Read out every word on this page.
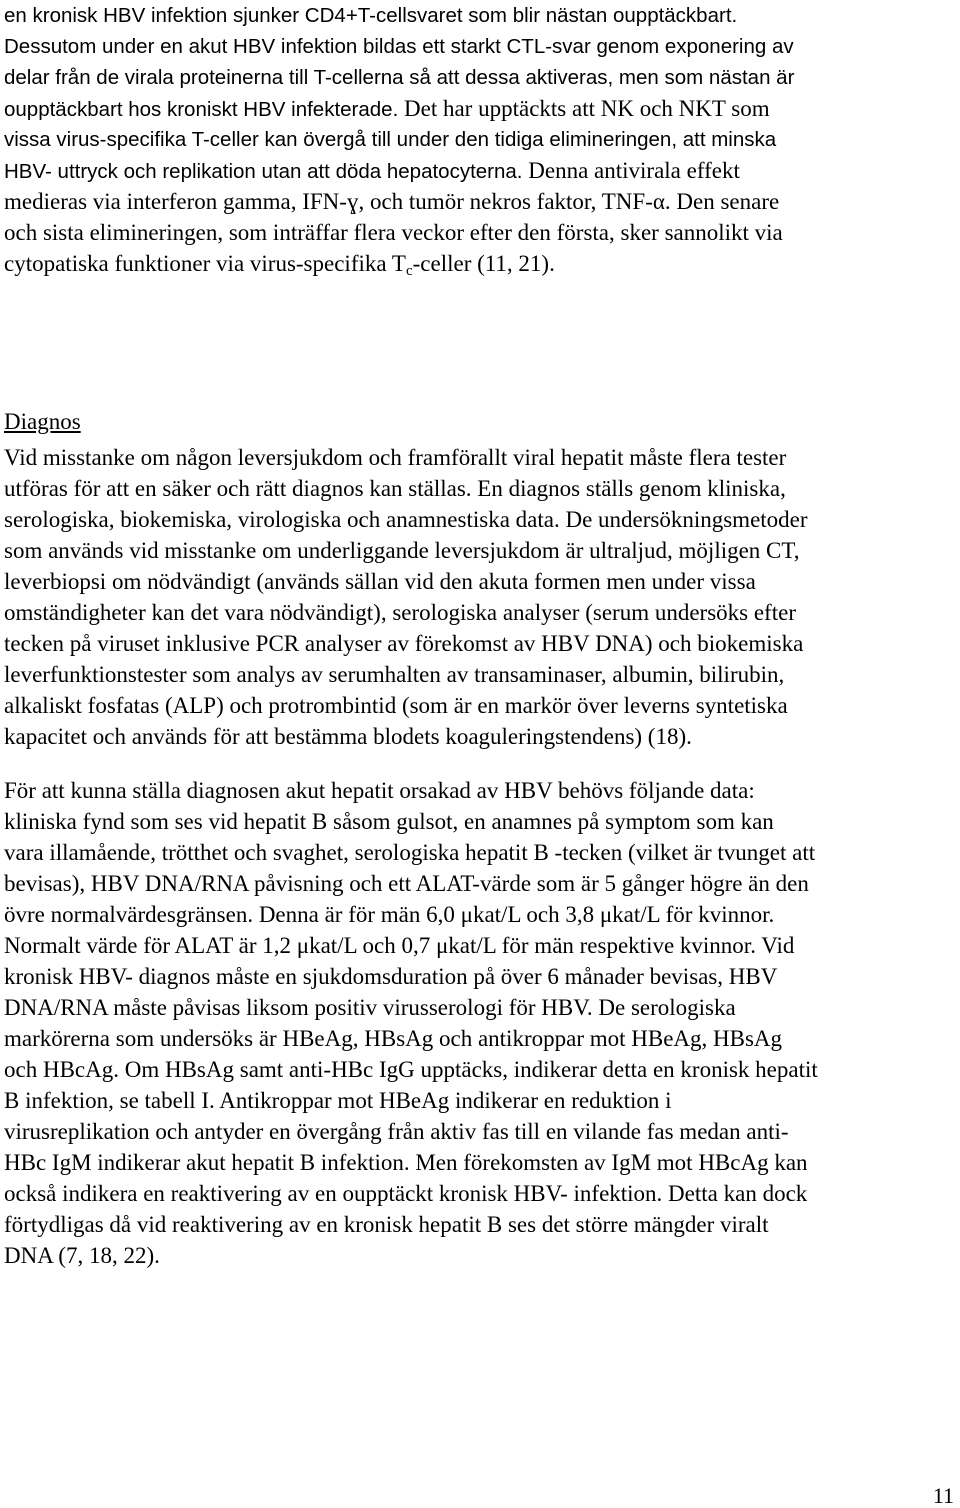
en kronisk HBV infektion sjunker CD4+T-cellsvaret som blir nästan oupptäckbart.
Dessutom under en akut HBV infektion bildas ett starkt CTL-svar genom exponering av
delar från de virala proteinerna till T-cellerna så att dessa aktiveras, men som nästan är
oupptäckbart hos kroniskt HBV infekterade. Det har upptäckts att NK och NKT som
vissa virus-specifika T-celler kan övergå till under den tidiga elimineringen, att minska
HBV- uttryck och replikation utan att döda hepatocyterna. Denna antivirala effekt
medieras via interferon gamma, IFN-ɣ, och tumör nekros faktor, TNF-α. Den senare
och sista elimineringen, som inträffar flera veckor efter den första, sker sannolikt via
cytopatiska funktioner via virus-specifika $T_c$-celler (11, 21).
Diagnos
Vid misstanke om någon leversjukdom och framförallt viral hepatit måste flera tester
utföras för att en säker och rätt diagnos kan ställas. En diagnos ställs genom kliniska,
serologiska, biokemiska, virologiska och anamnestiska data. De undersökningsmetoder
som används vid misstanke om underliggande leversjukdom är ultraljud, möjligen CT,
leverbiopsi om nödvändigt (används sällan vid den akuta formen men under vissa
omständigheter kan det vara nödvändigt), serologiska analyser (serum undersöks efter
tecken på viruset inklusive PCR analyser av förekomst av HBV DNA) och biokemiska
leverfunktionstester som analys av serumhalten av transaminaser, albumin, bilirubin,
alkaliskt fosfatas (ALP) och protrombintid (som är en markör över leverns syntetiska
kapacitet och används för att bestämma blodets koaguleringstendens) (18).
För att kunna ställa diagnosen akut hepatit orsakad av HBV behövs följande data:
kliniska fynd som ses vid hepatit B såsom gulsot, en anamnes på symptom som kan
vara illamående, trötthet och svaghet, serologiska hepatit B -tecken (vilket är tvunget att
bevisas), HBV DNA/RNA påvisning och ett ALAT-värde som är 5 gånger högre än den
övre normalvärdesgränsen. Denna är för män 6,0 μkat/L och 3,8 μkat/L för kvinnor.
Normalt värde för ALAT är 1,2 μkat/L och 0,7 μkat/L för män respektive kvinnor. Vid
kronisk HBV- diagnos måste en sjukdomsduration på över 6 månader bevisas, HBV
DNA/RNA måste påvisas liksom positiv virusserologi för HBV. De serologiska
markörerna som undersöks är HBeAg, HBsAg och antikroppar mot HBeAg, HBsAg
och HBcAg. Om HBsAg samt anti-HBc IgG upptäcks, indikerar detta en kronisk hepatit
B infektion, se tabell I. Antikroppar mot HBeAg indikerar en reduktion i
virusreplikation och antyder en övergång från aktiv fas till en vilande fas medan anti-
HBc IgM indikerar akut hepatit B infektion. Men förekomsten av IgM mot HBcAg kan
också indikera en reaktivering av en oupptäckt kronisk HBV- infektion. Detta kan dock
förtydligas då vid reaktivering av en kronisk hepatit B ses det större mängder viralt
DNA (7, 18, 22).
11
